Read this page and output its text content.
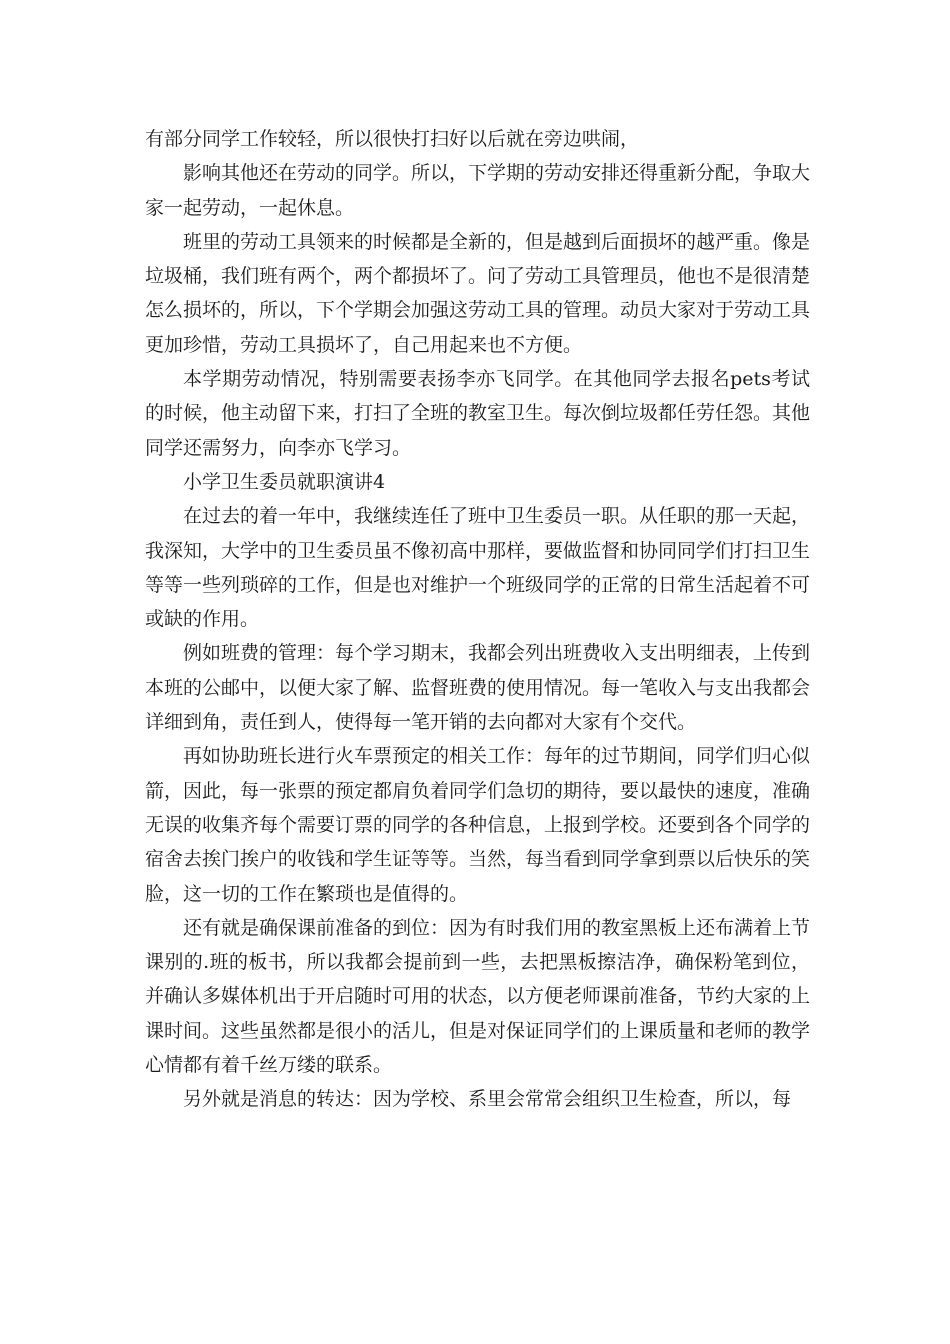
有部分同学工作较轻，所以很快打扫好以后就在旁边哄闹，

影响其他还在劳动的同学。所以，下学期的劳动安排还得重新分配，争取大家一起劳动，一起休息。

班里的劳动工具领来的时候都是全新的，但是越到后面损坏的越严重。像是垃圾桶，我们班有两个，两个都损坏了。问了劳动工具管理员，他也不是很清楚怎么损坏的，所以，下个学期会加强这劳动工具的管理。动员大家对于劳动工具更加珍惜，劳动工具损坏了，自己用起来也不方便。

本学期劳动情况，特别需要表扬李亦飞同学。在其他同学去报名pets考试的时候，他主动留下来，打扫了全班的教室卫生。每次倒垃圾都任劳任怨。其他同学还需努力，向李亦飞学习。

小学卫生委员就职演讲4

在过去的着一年中，我继续连任了班中卫生委员一职。从任职的那一天起，我深知，大学中的卫生委员虽不像初高中那样，要做监督和协同同学们打扫卫生等等一些列琐碎的工作，但是也对维护一个班级同学的正常的日常生活起着不可或缺的作用。

例如班费的管理：每个学习期末，我都会列出班费收入支出明细表，上传到本班的公邮中，以便大家了解、监督班费的使用情况。每一笔收入与支出我都会详细到角，责任到人，使得每一笔开销的去向都对大家有个交代。

再如协助班长进行火车票预定的相关工作：每年的过节期间，同学们归心似箭，因此，每一张票的预定都肩负着同学们急切的期待，要以最快的速度，准确无误的收集齐每个需要订票的同学的各种信息，上报到学校。还要到各个同学的宿舍去挨门挨户的收钱和学生证等等。当然，每当看到同学拿到票以后快乐的笑脸，这一切的工作在繁琐也是值得的。

还有就是确保课前准备的到位：因为有时我们用的教室黑板上还布满着上节课别的.班的板书，所以我都会提前到一些，去把黑板擦洁净，确保粉笔到位，并确认多媒体机出于开启随时可用的状态，以方便老师课前准备，节约大家的上课时间。这些虽然都是很小的活儿，但是对保证同学们的上课质量和老师的教学心情都有着千丝万缕的联系。

另外就是消息的转达：因为学校、系里会常常会组织卫生检查，所以，每
